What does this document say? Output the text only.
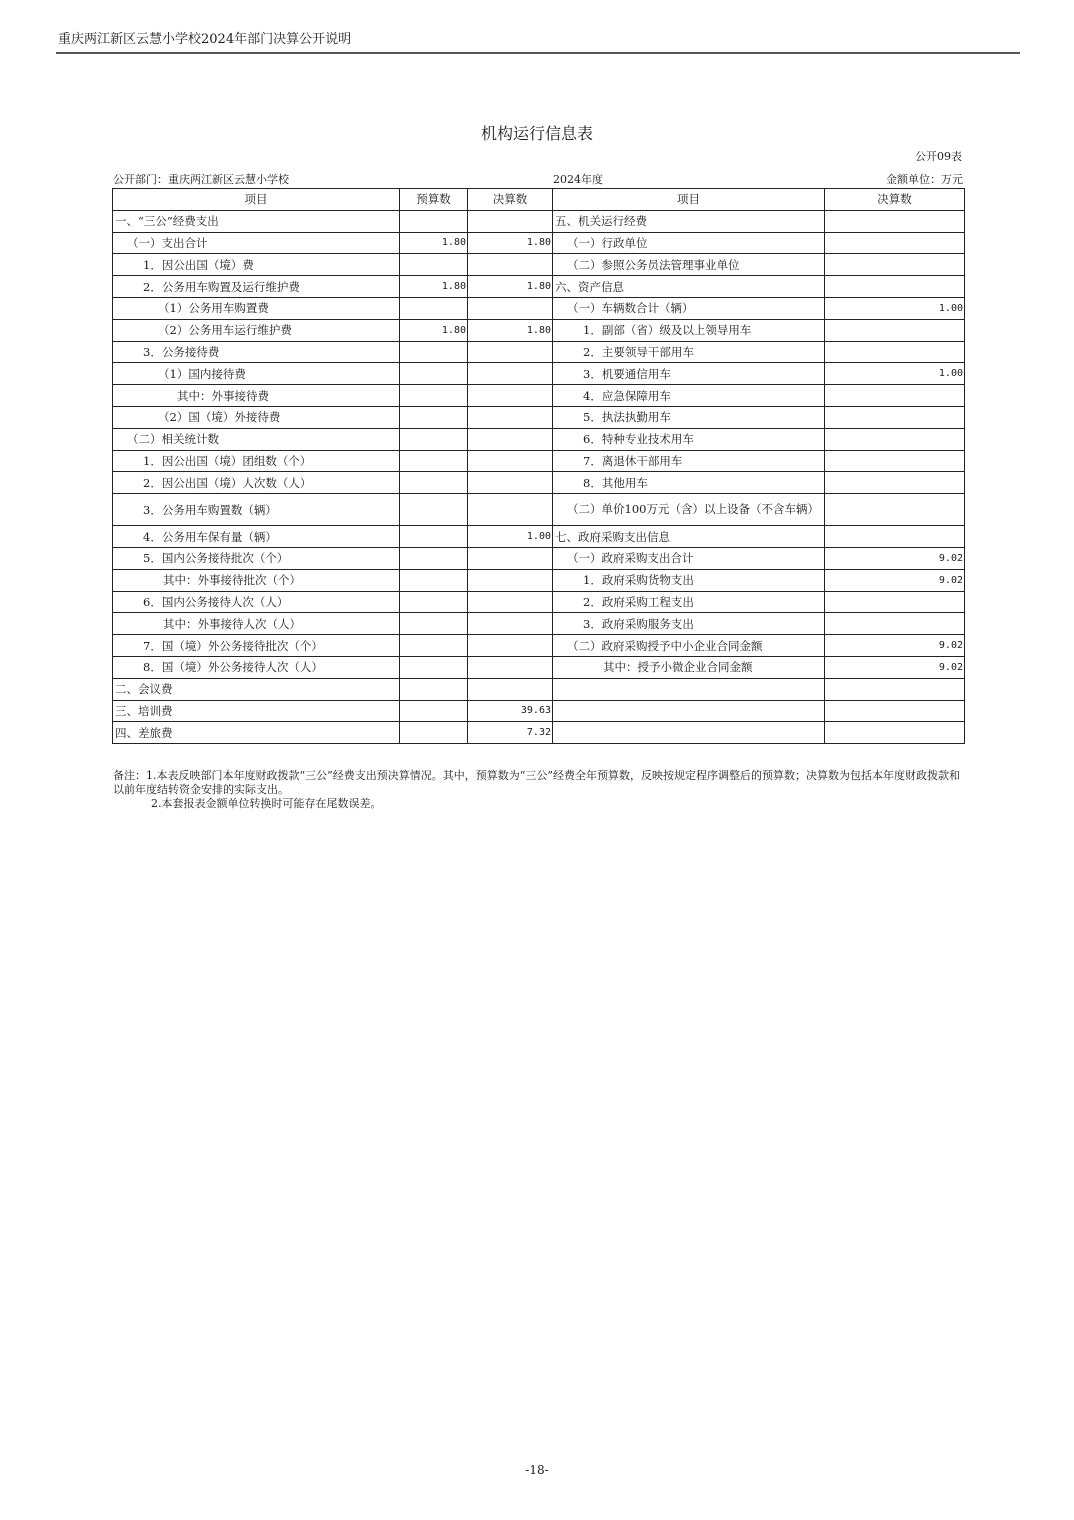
重庆两江新区云慧小学校2024年部门决算公开说明
机构运行信息表
公开09表
公开部门：重庆两江新区云慧小学校	2024年度	金额单位：万元
项目	预算数	决算数	项目	决算数
一、“三公”经费支出			五、机关运行经费	
（一）支出合计	1.80	1.80	（一）行政单位	
1．因公出国（境）费			（二）参照公务员法管理事业单位	
2．公务用车购置及运行维护费	1.80	1.80	六、资产信息	
（1）公务用车购置费			（一）车辆数合计（辆）	1.00
（2）公务用车运行维护费	1.80	1.80	1．副部（省）级及以上领导用车	
3．公务接待费			2．主要领导干部用车	
（1）国内接待费			3．机要通信用车	1.00
其中：外事接待费			4．应急保障用车	
（2）国（境）外接待费			5．执法执勤用车	
（二）相关统计数			6．特种专业技术用车	
1．因公出国（境）团组数（个）			7．离退休干部用车	
2．因公出国（境）人次数（人）			8．其他用车	
3．公务用车购置数（辆）			（二）单价100万元（含）以上设备（不含车辆）	
4．公务用车保有量（辆）		1.00	七、政府采购支出信息	
5．国内公务接待批次（个）			（一）政府采购支出合计	9.02
其中：外事接待批次（个）			1．政府采购货物支出	9.02
6．国内公务接待人次（人）			2．政府采购工程支出	
其中：外事接待人次（人）			3．政府采购服务支出	
7．国（境）外公务接待批次（个）			（二）政府采购授予中小企业合同金额	9.02
8．国（境）外公务接待人次（人）			其中：授予小微企业合同金额	9.02
二、会议费				
三、培训费		39.63		
四、差旅费		7.32		
备注：1.本表反映部门本年度财政拨款“三公”经费支出预决算情况。其中，预算数为“三公”经费全年预算数，反映按规定程序调整后的预算数；决算数为包括本年度财政拨款和以前年度结转资金安排的实际支出。
2.本套报表金额单位转换时可能存在尾数误差。
-18-
